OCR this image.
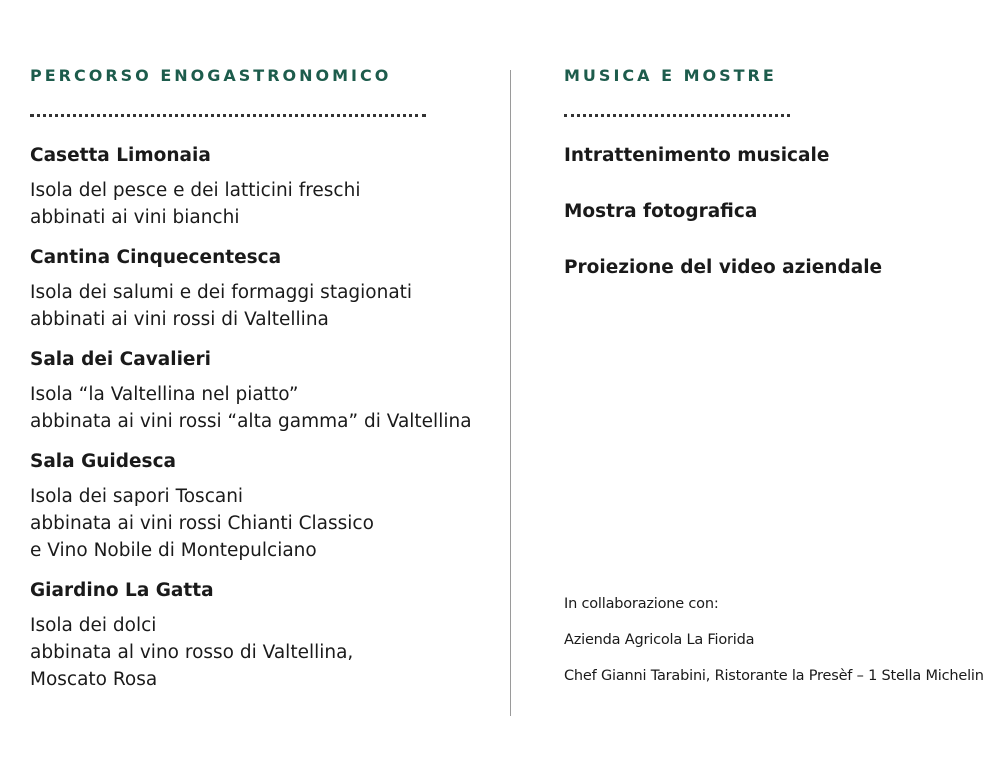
PERCORSO ENOGASTRONOMICO	MUSICA E MOSTRE

Casetta Limonaia

Isola del pesce e dei latticini freschi
abbinati ai vini bianchi

Cantina Cinquecentesca

Isola dei salumi e dei formaggi stagionati
abbinati ai vini rossi di Valtellina

Sala dei Cavalieri

Isola “la Valtellina nel piatto”
abbinata ai vini rossi “alta gamma” di Valtellina

Sala Guidesca

Isola dei sapori Toscani
abbinata ai vini rossi Chianti Classico
e Vino Nobile di Montepulciano

Giardino La Gatta

Isola dei dolci
abbinata al vino rosso di Valtellina,
Moscato Rosa

Intrattenimento musicale

Mostra fotografica

Proiezione del video aziendale

In collaborazione con:

Azienda Agricola La Fiorida

Chef Gianni Tarabini, Ristorante la Presèf – 1 Stella Michelin
